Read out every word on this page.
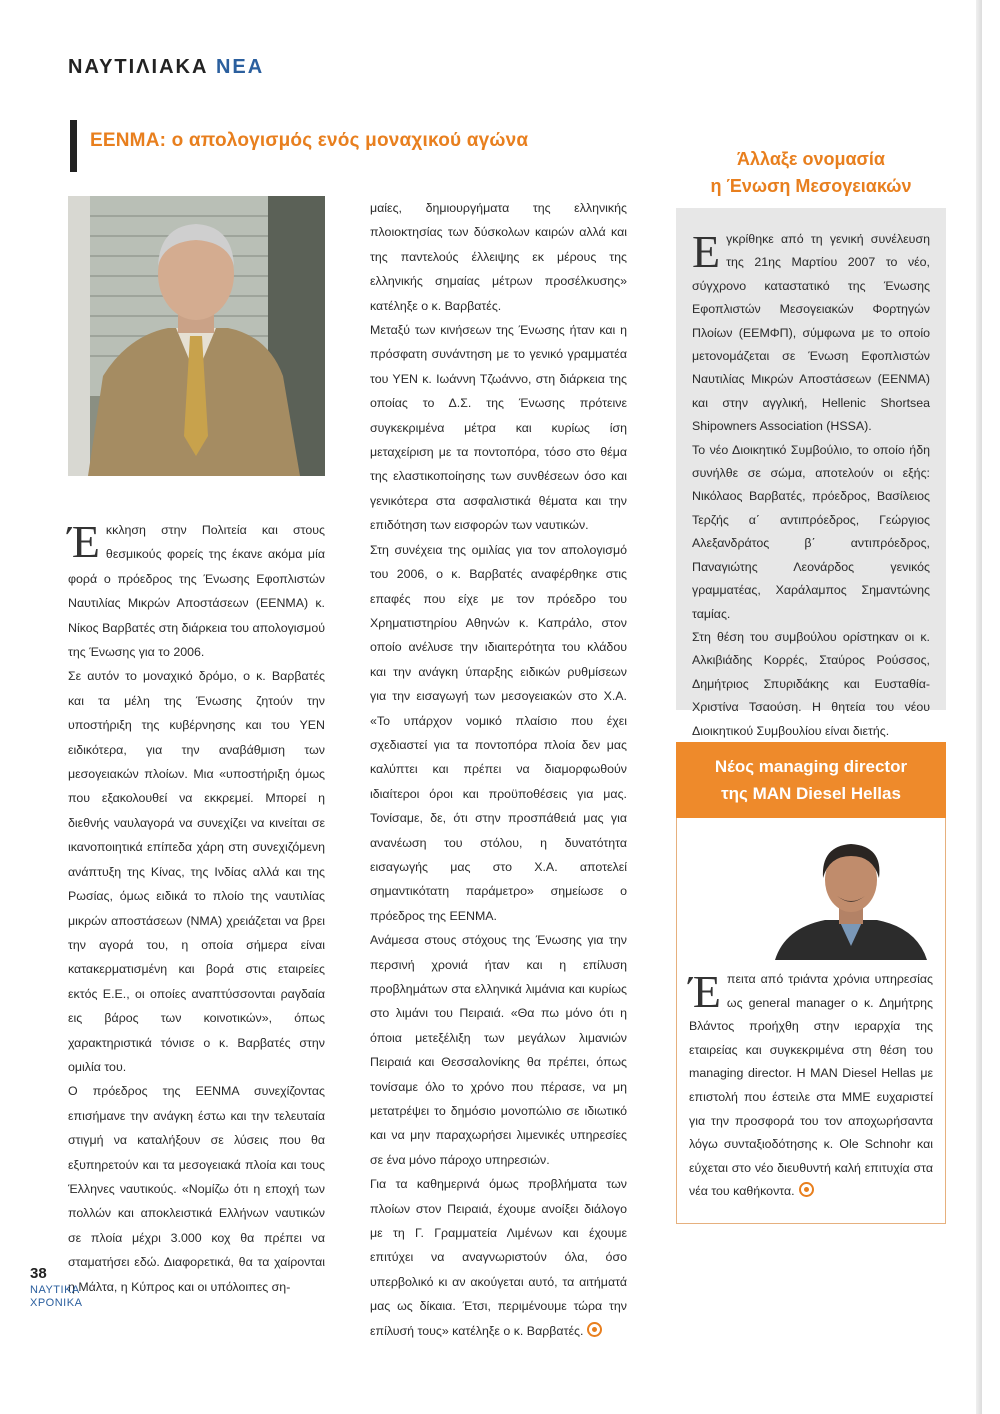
ΝΑΥΤΙΛΙΑΚΑ ΝΕΑ
ΕΕΝΜΑ: ο απολογισμός ενός μοναχικού αγώνα

Έκκληση στην Πολιτεία και στους θεσμικούς φορείς της έκανε ακόμα μία φορά ο πρόεδρος της Ένωσης Εφοπλιστών Ναυτιλίας Μικρών Αποστάσεων (ΕΕΝΜΑ) κ. Νίκος Βαρβατές στη διάρκεια του απολογισμού της Ένωσης για το 2006.

Σε αυτόν το μοναχικό δρόμο, ο κ. Βαρβατές και τα μέλη της Ένωσης ζητούν την υποστήριξη της κυβέρνησης και του ΥΕΝ ειδικότερα, για την αναβάθμιση των μεσογειακών πλοίων. Μια «υποστήριξη όμως που εξακολουθεί να εκκρεμεί. Μπορεί η διεθνής ναυλαγορά να συνεχίζει να κινείται σε ικανοποιητικά επίπεδα χάρη στη συνεχιζόμενη ανάπτυξη της Κίνας, της Ινδίας αλλά και της Ρωσίας, όμως ειδικά το πλοίο της ναυτιλίας μικρών αποστάσεων (ΝΜΑ) χρειάζεται να βρει την αγορά του, η οποία σήμερα είναι κατακερματισμένη και βορά στις εταιρείες εκτός Ε.Ε., οι οποίες αναπτύσσονται ραγδαία εις βάρος των κοινοτικών», όπως χαρακτηριστικά τόνισε ο κ. Βαρβατές στην ομιλία του.

Ο πρόεδρος της ΕΕΝΜΑ συνεχίζοντας επισήμανε την ανάγκη έστω και την τελευταία στιγμή να καταλήξουν σε λύσεις που θα εξυπηρετούν και τα μεσογειακά πλοία και τους Έλληνες ναυτικούς. «Νομίζω ότι η εποχή των πολλών και αποκλειστικά Ελλήνων ναυτικών σε πλοία μέχρι 3.000 κοχ θα πρέπει να σταματήσει εδώ. Διαφορετικά, θα τα χαίρονται η Μάλτα, η Κύπρος και οι υπόλοιπες ση-

μαίες, δημιουργήματα της ελληνικής πλοιοκτησίας των δύσκολων καιρών αλλά και της παντελούς έλλειψης εκ μέρους της ελληνικής σημαίας μέτρων προσέλκυσης» κατέληξε ο κ. Βαρβατές.

Μεταξύ των κινήσεων της Ένωσης ήταν και η πρόσφατη συνάντηση με το γενικό γραμματέα του ΥΕΝ κ. Ιωάννη Τζωάννο, στη διάρκεια της οποίας το Δ.Σ. της Ένωσης πρότεινε συγκεκριμένα μέτρα και κυρίως ίση μεταχείριση με τα ποντοπόρα, τόσο στο θέμα της ελαστικοποίησης των συνθέσεων όσο και γενικότερα στα ασφαλιστικά θέματα και την επιδότηση των εισφορών των ναυτικών.

Στη συνέχεια της ομιλίας για τον απολογισμό του 2006, ο κ. Βαρβατές αναφέρθηκε στις επαφές που είχε με τον πρόεδρο του Χρηματιστηρίου Αθηνών κ. Καπράλο, στον οποίο ανέλυσε την ιδιαιτερότητα του κλάδου και την ανάγκη ύπαρξης ειδικών ρυθμίσεων για την εισαγωγή των μεσογειακών στο Χ.Α. «Το υπάρχον νομικό πλαίσιο που έχει σχεδιαστεί για τα ποντοπόρα πλοία δεν μας καλύπτει και πρέπει να διαμορφωθούν ιδιαίτεροι όροι και προϋποθέσεις για μας. Τονίσαμε, δε, ότι στην προσπάθειά μας για ανανέωση του στόλου, η δυνατότητα εισαγωγής μας στο Χ.Α. αποτελεί σημαντικότατη παράμετρο» σημείωσε ο πρόεδρος της ΕΕΝΜΑ.

Ανάμεσα στους στόχους της Ένωσης για την περσινή χρονιά ήταν και η επίλυση προβλημάτων στα ελληνικά λιμάνια και κυρίως στο λιμάνι του Πειραιά. «Θα πω μόνο ότι η όποια μετεξέλιξη των μεγάλων λιμανιών Πειραιά και Θεσσαλονίκης θα πρέπει, όπως τονίσαμε όλο το χρόνο που πέρασε, να μη μετατρέψει το δημόσιο μονοπώλιο σε ιδιωτικό και να μην παραχωρήσει λιμενικές υπηρεσίες σε ένα μόνο πάροχο υπηρεσιών.

Για τα καθημερινά όμως προβλήματα των πλοίων στον Πειραιά, έχουμε ανοίξει διάλογο με τη Γ. Γραμματεία Λιμένων και έχουμε επιτύχει να αναγνωριστούν όλα, όσο υπερβολικό κι αν ακούγεται αυτό, τα αιτήματά μας ως δίκαια. Έτσι, περιμένουμε τώρα την επίλυσή τους» κατέληξε ο κ. Βαρβατές.

Άλλαξε ονομασία
η Ένωση Μεσογειακών

Εγκρίθηκε από τη γενική συνέλευση της 21ης Μαρτίου 2007 το νέο, σύγχρονο καταστατικό της Ένωσης Εφοπλιστών Μεσογειακών Φορτηγών Πλοίων (ΕΕΜΦΠ), σύμφωνα με το οποίο μετονομάζεται σε Ένωση Εφοπλιστών Ναυτιλίας Μικρών Αποστάσεων (ΕΕΝΜΑ) και στην αγγλική, Hellenic Shortsea Shipowners Association (HSSA).

Το νέο Διοικητικό Συμβούλιο, το οποίο ήδη συνήλθε σε σώμα, αποτελούν οι εξής: Νικόλαος Βαρβατές, πρόεδρος, Βασίλειος Τερζής α΄ αντιπρόεδρος, Γεώργιος Αλεξανδράτος β΄ αντιπρόεδρος, Παναγιώτης Λεονάρδος γενικός γραμματέας, Χαράλαμπος Σημαντώνης ταμίας.

Στη θέση του συμβούλου ορίστηκαν οι κ. Αλκιβιάδης Κορρές, Σταύρος Ρούσσος, Δημήτριος Σπυριδάκης και Ευσταθία-Χριστίνα Τσαούση. Η θητεία του νέου Διοικητικού Συμβουλίου είναι διετής.

Νέος managing director
της MAN Diesel Hellas

Έπειτα από τριάντα χρόνια υπηρεσίας ως general manager ο κ. Δημήτρης Βλάντος προήχθη στην ιεραρχία της εταιρείας και συγκεκριμένα στη θέση του managing director. Η MAN Diesel Hellas με επιστολή που έστειλε στα ΜΜΕ ευχαριστεί για την προσφορά του τον αποχωρήσαντα λόγω συνταξιοδότησης κ. Ole Schnohr και εύχεται στο νέο διευθυντή καλή επιτυχία στα νέα του καθήκοντα.

38
ΝΑΥΤΙΚΑ
ΧΡΟΝΙΚΑ
